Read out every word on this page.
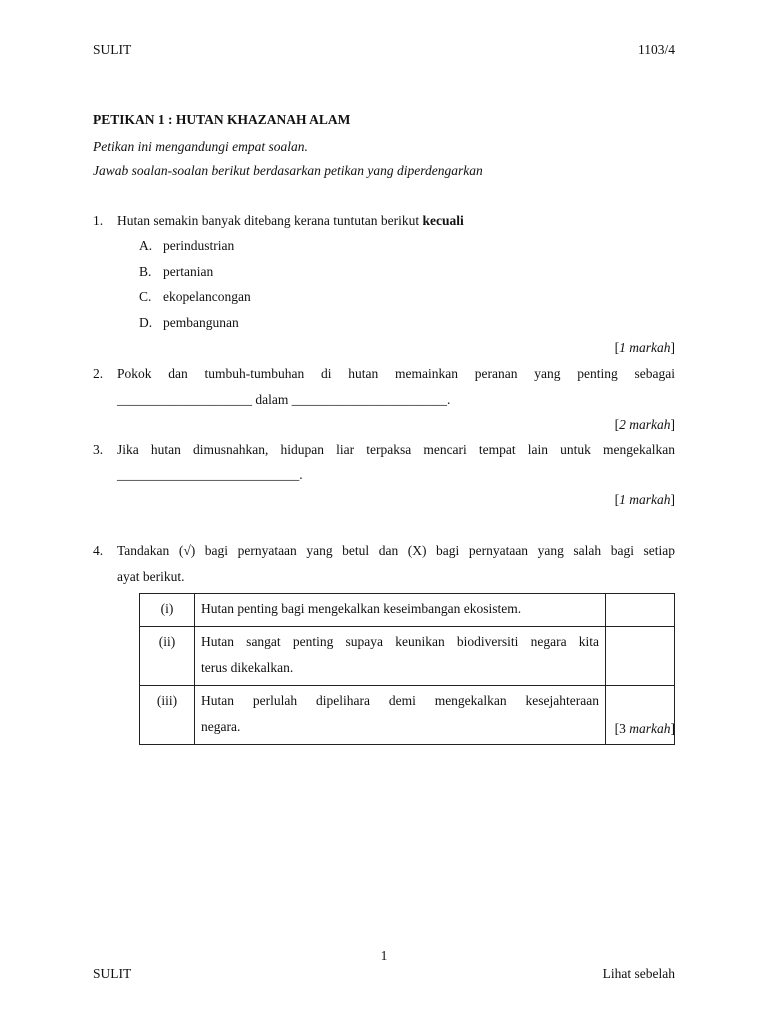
SULIT	1103/4
PETIKAN 1 : HUTAN KHAZANAH ALAM
Petikan ini mengandungi empat soalan.
Jawab soalan-soalan berikut berdasarkan petikan yang diperdengarkan
1. Hutan semakin banyak ditebang kerana tuntutan berikut kecuali
A. perindustrian
B. pertanian
C. ekopelancongan
D. pembangunan
[1 markah]
2. Pokok dan tumbuh-tumbuhan di hutan memainkan peranan yang penting sebagai
____________________ dalam _______________________.
[2 markah]
3. Jika hutan dimusnahkan, hidupan liar terpaksa mencari tempat lain untuk mengekalkan
___________________________.
[1 markah]
4. Tandakan (√) bagi pernyataan yang betul dan (X) bagi pernyataan yang salah bagi setiap
ayat berikut.
(i)	Hutan penting bagi mengekalkan keseimbangan ekosistem.	

(ii)	Hutan sangat penting supaya keunikan biodiversiti negara kita
terus dikekalkan.	

(iii)	Hutan perlulah dipelihara demi mengekalkan kesejahteraan
negara.	
		[3 markah]
1
SULIT	Lihat sebelah
